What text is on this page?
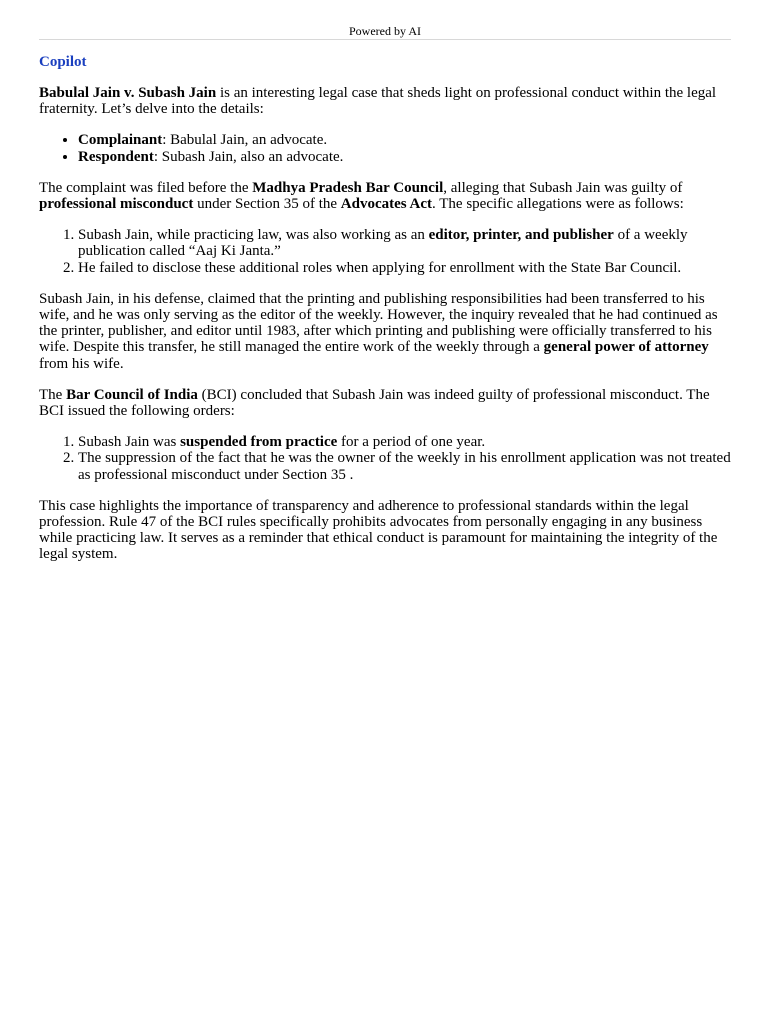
Powered by AI
Copilot

Babulal Jain v. Subash Jain is an interesting legal case that sheds light on professional conduct within the legal fraternity. Let’s delve into the details:

• Complainant: Babulal Jain, an advocate.
• Respondent: Subash Jain, also an advocate.

The complaint was filed before the Madhya Pradesh Bar Council, alleging that Subash Jain was guilty of professional misconduct under Section 35 of the Advocates Act. The specific allegations were as follows:

1. Subash Jain, while practicing law, was also working as an editor, printer, and publisher of a weekly publication called “Aaj Ki Janta.”
2. He failed to disclose these additional roles when applying for enrollment with the State Bar Council.

Subash Jain, in his defense, claimed that the printing and publishing responsibilities had been transferred to his wife, and he was only serving as the editor of the weekly. However, the inquiry revealed that he had continued as the printer, publisher, and editor until 1983, after which printing and publishing were officially transferred to his wife. Despite this transfer, he still managed the entire work of the weekly through a general power of attorney from his wife.

The Bar Council of India (BCI) concluded that Subash Jain was indeed guilty of professional misconduct. The BCI issued the following orders:

1. Subash Jain was suspended from practice for a period of one year.
2. The suppression of the fact that he was the owner of the weekly in his enrollment application was not treated as professional misconduct under Section 35 .

This case highlights the importance of transparency and adherence to professional standards within the legal profession. Rule 47 of the BCI rules specifically prohibits advocates from personally engaging in any business while practicing law. It serves as a reminder that ethical conduct is paramount for maintaining the integrity of the legal system.
